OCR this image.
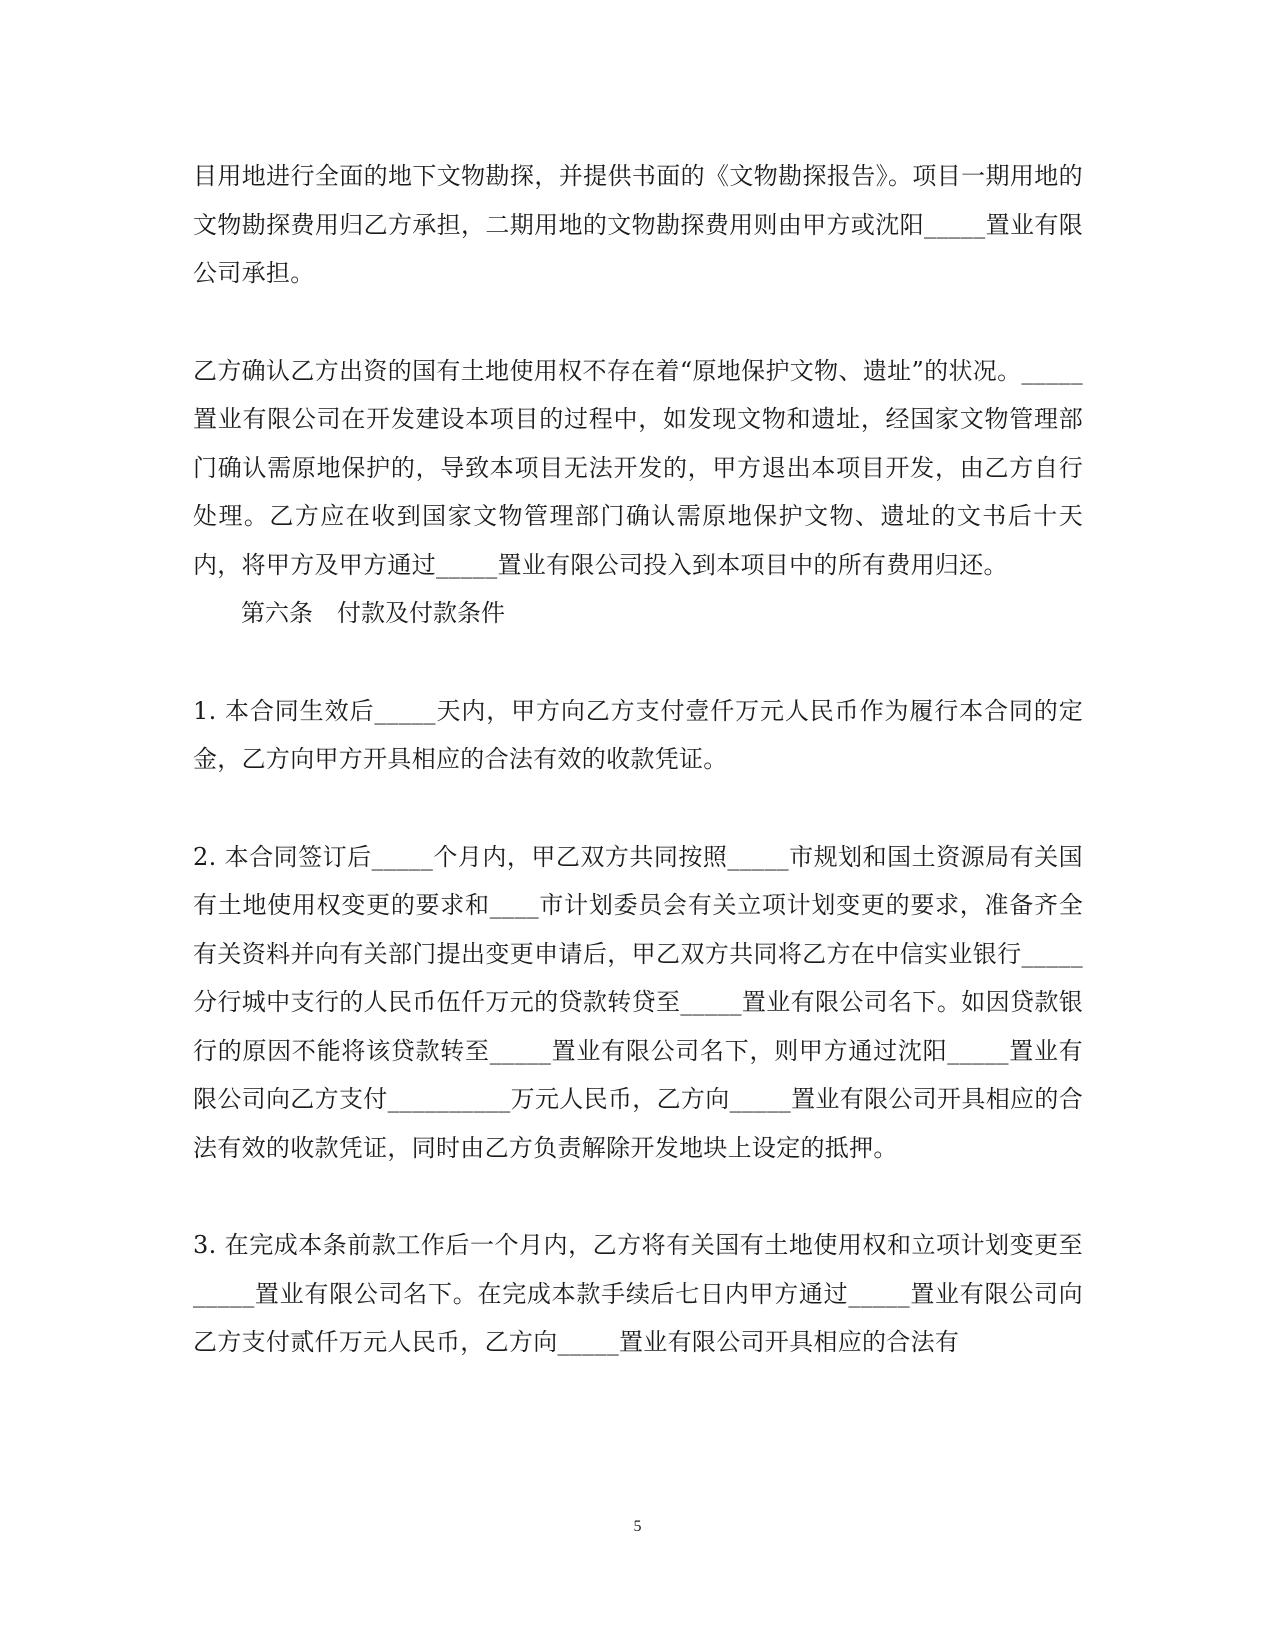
目用地进行全面的地下文物勘探，并提供书面的《文物勘探报告》。项目一期用地的文物勘探费用归乙方承担，二期用地的文物勘探费用则由甲方或沈阳_____置业有限公司承担。

乙方确认乙方出资的国有土地使用权不存在着“原地保护文物、遗址”的状况。_____置业有限公司在开发建设本项目的过程中，如发现文物和遗址，经国家文物管理部门确认需原地保护的，导致本项目无法开发的，甲方退出本项目开发，由乙方自行处理。乙方应在收到国家文物管理部门确认需原地保护文物、遗址的文书后十天内，将甲方及甲方通过_____置业有限公司投入到本项目中的所有费用归还。

第六条　付款及付款条件

1. 本合同生效后_____天内，甲方向乙方支付壹仟万元人民币作为履行本合同的定金，乙方向甲方开具相应的合法有效的收款凭证。

2. 本合同签订后_____个月内，甲乙双方共同按照_____市规划和国土资源局有关国有土地使用权变更的要求和____市计划委员会有关立项计划变更的要求，准备齐全有关资料并向有关部门提出变更申请后，甲乙双方共同将乙方在中信实业银行_____分行城中支行的人民币伍仟万元的贷款转贷至_____置业有限公司名下。如因贷款银行的原因不能将该贷款转至_____置业有限公司名下，则甲方通过沈阳_____置业有限公司向乙方支付__________万元人民币，乙方向_____置业有限公司开具相应的合法有效的收款凭证，同时由乙方负责解除开发地块上设定的抵押。

3. 在完成本条前款工作后一个月内，乙方将有关国有土地使用权和立项计划变更至_____置业有限公司名下。在完成本款手续后七日内甲方通过_____置业有限公司向乙方支付贰仟万元人民币，乙方向_____置业有限公司开具相应的合法有

5
